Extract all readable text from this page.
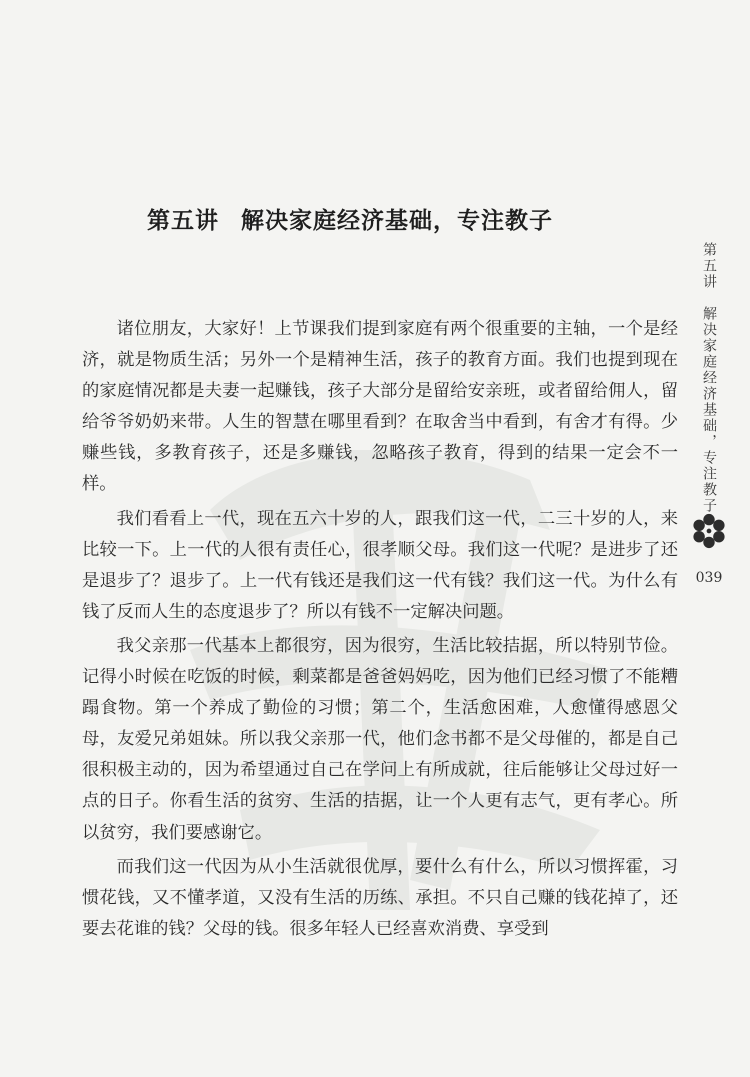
第五讲 解决家庭经济基础，专注教子
第五讲　解决家庭经济基础，专注教子
039

诸位朋友，大家好！上节课我们提到家庭有两个很重要的主轴，一个是经济，就是物质生活；另外一个是精神生活，孩子的教育方面。我们也提到现在的家庭情况都是夫妻一起赚钱，孩子大部分是留给安亲班，或者留给佣人，留给爷爷奶奶来带。人生的智慧在哪里看到？在取舍当中看到，有舍才有得。少赚些钱，多教育孩子，还是多赚钱，忽略孩子教育，得到的结果一定会不一样。

我们看看上一代，现在五六十岁的人，跟我们这一代，二三十岁的人，来比较一下。上一代的人很有责任心，很孝顺父母。我们这一代呢？是进步了还是退步了？退步了。上一代有钱还是我们这一代有钱？我们这一代。为什么有钱了反而人生的态度退步了？所以有钱不一定解决问题。

我父亲那一代基本上都很穷，因为很穷，生活比较拮据，所以特别节俭。记得小时候在吃饭的时候，剩菜都是爸爸妈妈吃，因为他们已经习惯了不能糟蹋食物。第一个养成了勤俭的习惯；第二个，生活愈困难，人愈懂得感恩父母，友爱兄弟姐妹。所以我父亲那一代，他们念书都不是父母催的，都是自己很积极主动的，因为希望通过自己在学问上有所成就，往后能够让父母过好一点的日子。你看生活的贫穷、生活的拮据，让一个人更有志气，更有孝心。所以贫穷，我们要感谢它。

而我们这一代因为从小生活就很优厚，要什么有什么，所以习惯挥霍，习惯花钱，又不懂孝道，又没有生活的历练、承担。不只自己赚的钱花掉了，还要去花谁的钱？父母的钱。很多年轻人已经喜欢消费、享受到
